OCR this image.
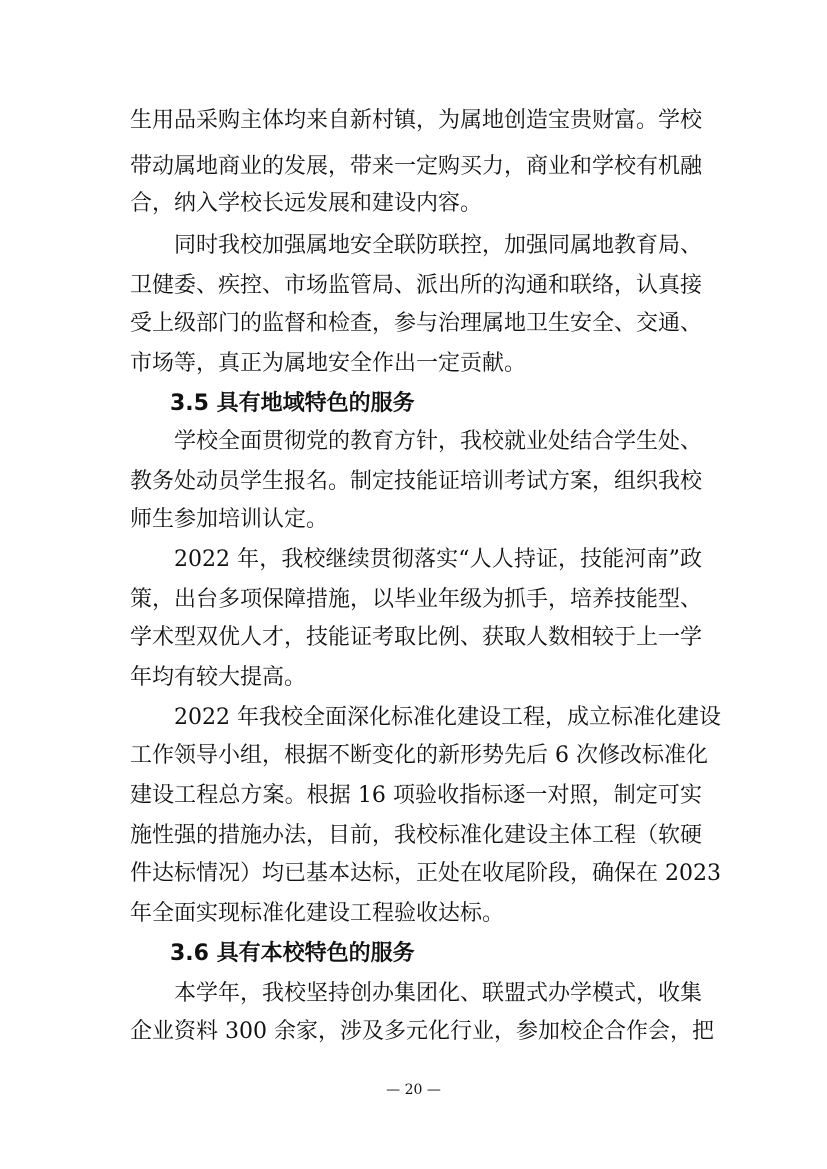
生用品采购主体均来自新村镇，为属地创造宝贵财富。学校
带动属地商业的发展，带来一定购买力，商业和学校有机融
合，纳入学校长远发展和建设内容。
同时我校加强属地安全联防联控，加强同属地教育局、
卫健委、疾控、市场监管局、派出所的沟通和联络，认真接
受上级部门的监督和检查，参与治理属地卫生安全、交通、
市场等，真正为属地安全作出一定贡献。
3.5 具有地域特色的服务
学校全面贯彻党的教育方针，我校就业处结合学生处、
教务处动员学生报名。制定技能证培训考试方案，组织我校
师生参加培训认定。
2022 年，我校继续贯彻落实“人人持证，技能河南”政
策，出台多项保障措施，以毕业年级为抓手，培养技能型、
学术型双优人才，技能证考取比例、获取人数相较于上一学
年均有较大提高。
2022 年我校全面深化标准化建设工程，成立标准化建设
工作领导小组，根据不断变化的新形势先后 6 次修改标准化
建设工程总方案。根据 16 项验收指标逐一对照，制定可实
施性强的措施办法，目前，我校标准化建设主体工程（软硬
件达标情况）均已基本达标，正处在收尾阶段，确保在 2023
年全面实现标准化建设工程验收达标。
3.6 具有本校特色的服务
本学年，我校坚持创办集团化、联盟式办学模式，收集
企业资料 300 余家，涉及多元化行业，参加校企合作会，把
— 20 —
